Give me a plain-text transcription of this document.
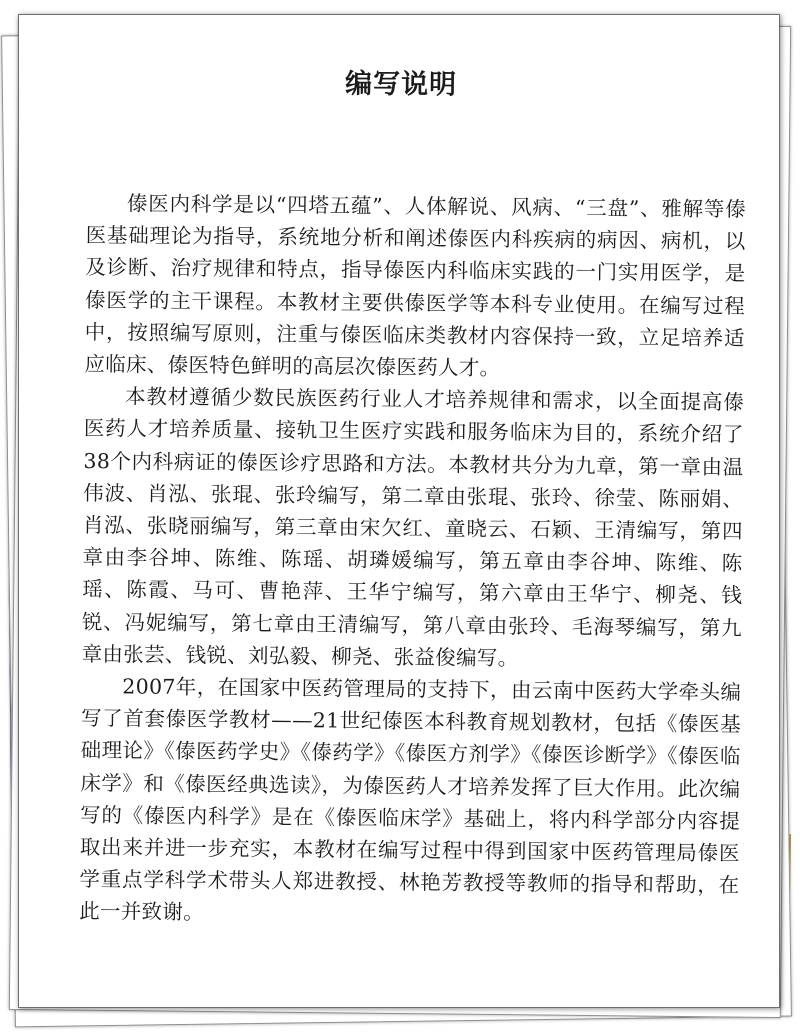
编写说明

傣医内科学是以“四塔五蕴”、人体解说、风病、“三盘”、雅解等傣医基础理论为指导，系统地分析和阐述傣医内科疾病的病因、病机，以及诊断、治疗规律和特点，指导傣医内科临床实践的一门实用医学，是傣医学的主干课程。本教材主要供傣医学等本科专业使用。在编写过程中，按照编写原则，注重与傣医临床类教材内容保持一致，立足培养适应临床、傣医特色鲜明的高层次傣医药人才。

本教材遵循少数民族医药行业人才培养规律和需求，以全面提高傣医药人才培养质量、接轨卫生医疗实践和服务临床为目的，系统介绍了38个内科病证的傣医诊疗思路和方法。本教材共分为九章，第一章由温伟波、肖泓、张琨、张玲编写，第二章由张琨、张玲、徐莹、陈丽娟、肖泓、张晓丽编写，第三章由宋欠红、童晓云、石颖、王清编写，第四章由李谷坤、陈维、陈瑶、胡璘媛编写，第五章由李谷坤、陈维、陈瑶、陈霞、马可、曹艳萍、王华宁编写，第六章由王华宁、柳尧、钱锐、冯妮编写，第七章由王清编写，第八章由张玲、毛海琴编写，第九章由张芸、钱锐、刘弘毅、柳尧、张益俊编写。

2007年，在国家中医药管理局的支持下，由云南中医药大学牵头编写了首套傣医学教材——21世纪傣医本科教育规划教材，包括《傣医基础理论》《傣医药学史》《傣药学》《傣医方剂学》《傣医诊断学》《傣医临床学》和《傣医经典选读》，为傣医药人才培养发挥了巨大作用。此次编写的《傣医内科学》是在《傣医临床学》基础上，将内科学部分内容提取出来并进一步充实，本教材在编写过程中得到国家中医药管理局傣医学重点学科学术带头人郑进教授、林艳芳教授等教师的指导和帮助，在此一并致谢。
